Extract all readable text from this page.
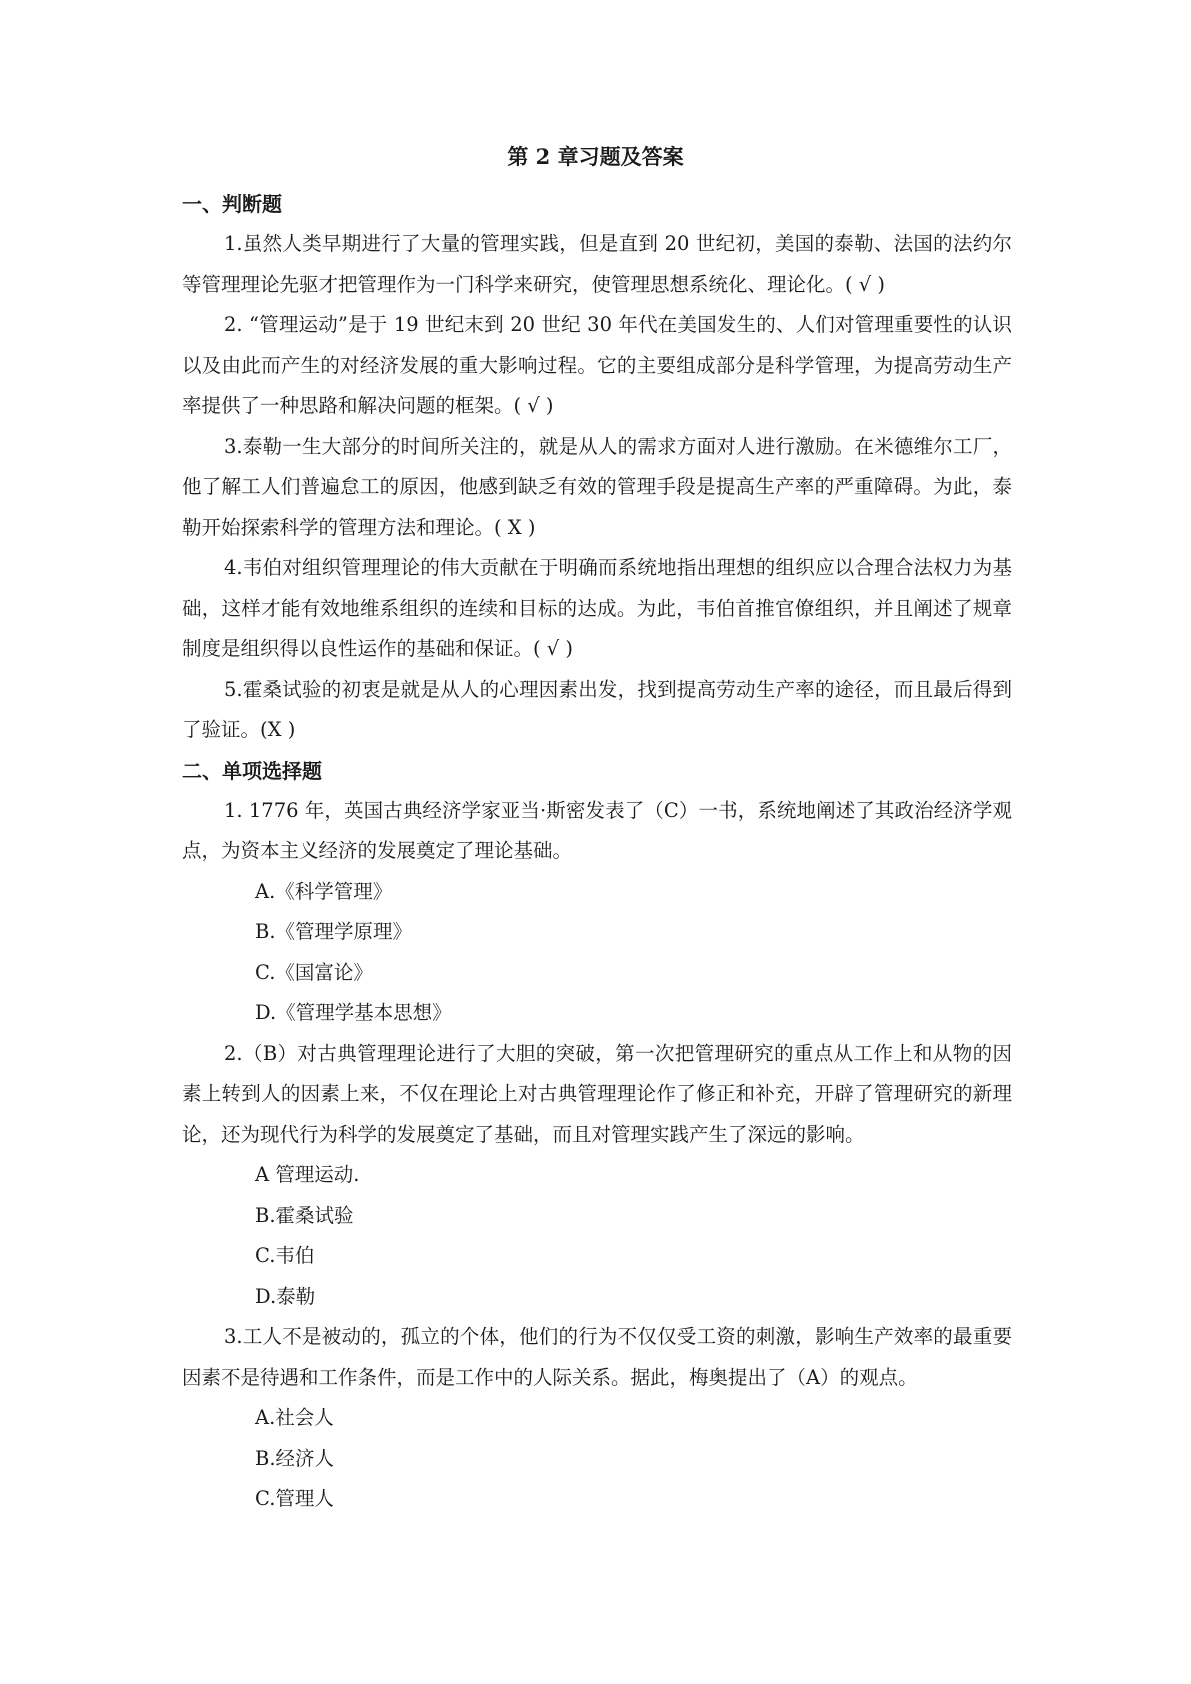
第 2 章习题及答案
一、判断题

1.虽然人类早期进行了大量的管理实践，但是直到 20 世纪初，美国的泰勒、法国的法约尔等管理理论先驱才把管理作为一门科学来研究，使管理思想系统化、理论化。( √ )

2. “管理运动”是于 19 世纪末到 20 世纪 30 年代在美国发生的、人们对管理重要性的认识以及由此而产生的对经济发展的重大影响过程。它的主要组成部分是科学管理，为提高劳动生产率提供了一种思路和解决问题的框架。( √ )

3.泰勒一生大部分的时间所关注的，就是从人的需求方面对人进行激励。在米德维尔工厂，他了解工人们普遍怠工的原因，他感到缺乏有效的管理手段是提高生产率的严重障碍。为此，泰勒开始探索科学的管理方法和理论。( X )

4.韦伯对组织管理理论的伟大贡献在于明确而系统地指出理想的组织应以合理合法权力为基础，这样才能有效地维系组织的连续和目标的达成。为此，韦伯首推官僚组织，并且阐述了规章制度是组织得以良性运作的基础和保证。( √ )

5.霍桑试验的初衷是就是从人的心理因素出发，找到提高劳动生产率的途径，而且最后得到了验证。(X )

二、单项选择题

1. 1776 年，英国古典经济学家亚当·斯密发表了（C）一书，系统地阐述了其政治经济学观点，为资本主义经济的发展奠定了理论基础。

A.《科学管理》

B.《管理学原理》

C.《国富论》

D.《管理学基本思想》

2.（B）对古典管理理论进行了大胆的突破，第一次把管理研究的重点从工作上和从物的因素上转到人的因素上来，不仅在理论上对古典管理理论作了修正和补充，开辟了管理研究的新理论，还为现代行为科学的发展奠定了基础，而且对管理实践产生了深远的影响。

A 管理运动.

B.霍桑试验

C.韦伯

D.泰勒

3.工人不是被动的，孤立的个体，他们的行为不仅仅受工资的刺激，影响生产效率的最重要因素不是待遇和工作条件，而是工作中的人际关系。据此，梅奥提出了（A）的观点。

A.社会人

B.经济人

C.管理人
